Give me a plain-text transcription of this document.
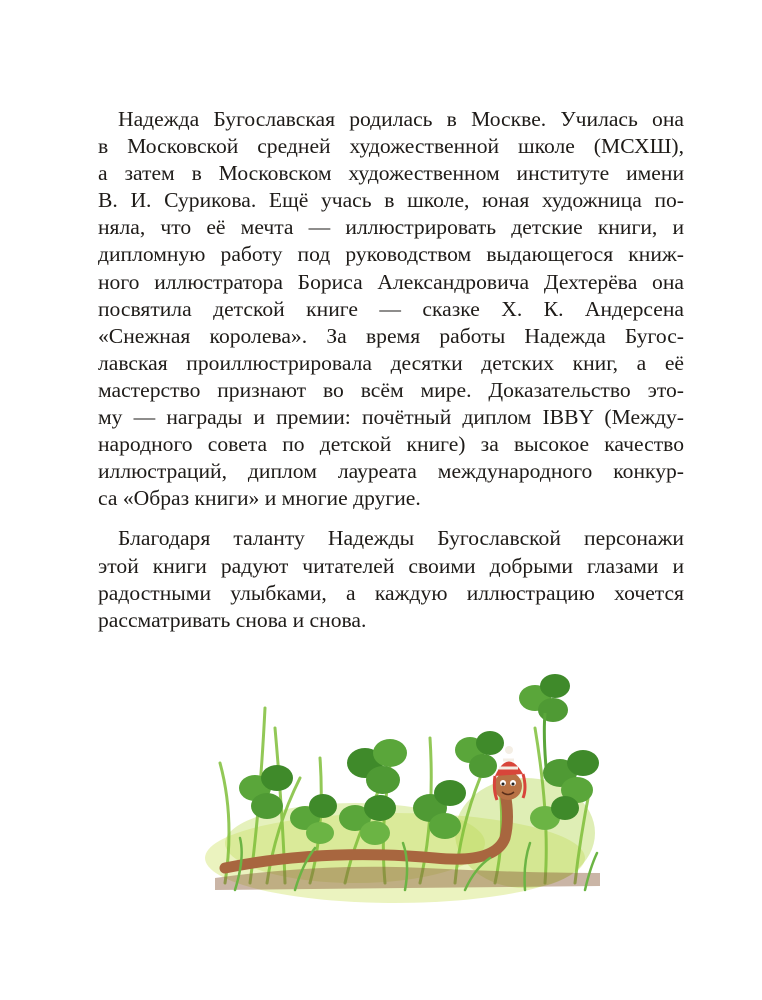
Надежда Бугославская родилась в Москве. Училась она
в Московской средней художественной школе (МСХШ),
а затем в Московском художественном институте имени
В. И. Сурикова. Ещё учась в школе, юная художница по-
няла, что её мечта — иллюстрировать детские книги, и
дипломную работу под руководством выдающегося книж-
ного иллюстратора Бориса Александровича Дехтерёва она
посвятила детской книге — сказке Х. К. Андерсена
«Снежная королева». За время работы Надежда Бугос-
лавская проиллюстрировала десятки детских книг, а её
мастерство признают во всём мире. Доказательство это-
му — награды и премии: почётный диплом IBBY (Между-
народного совета по детской книге) за высокое качество
иллюстраций, диплом лауреата международного конкур-
са «Образ книги» и многие другие.

Благодаря таланту Надежды Бугославской персонажи
этой книги радуют читателей своими добрыми глазами и
радостными улыбками, а каждую иллюстрацию хочется
рассматривать снова и снова.
